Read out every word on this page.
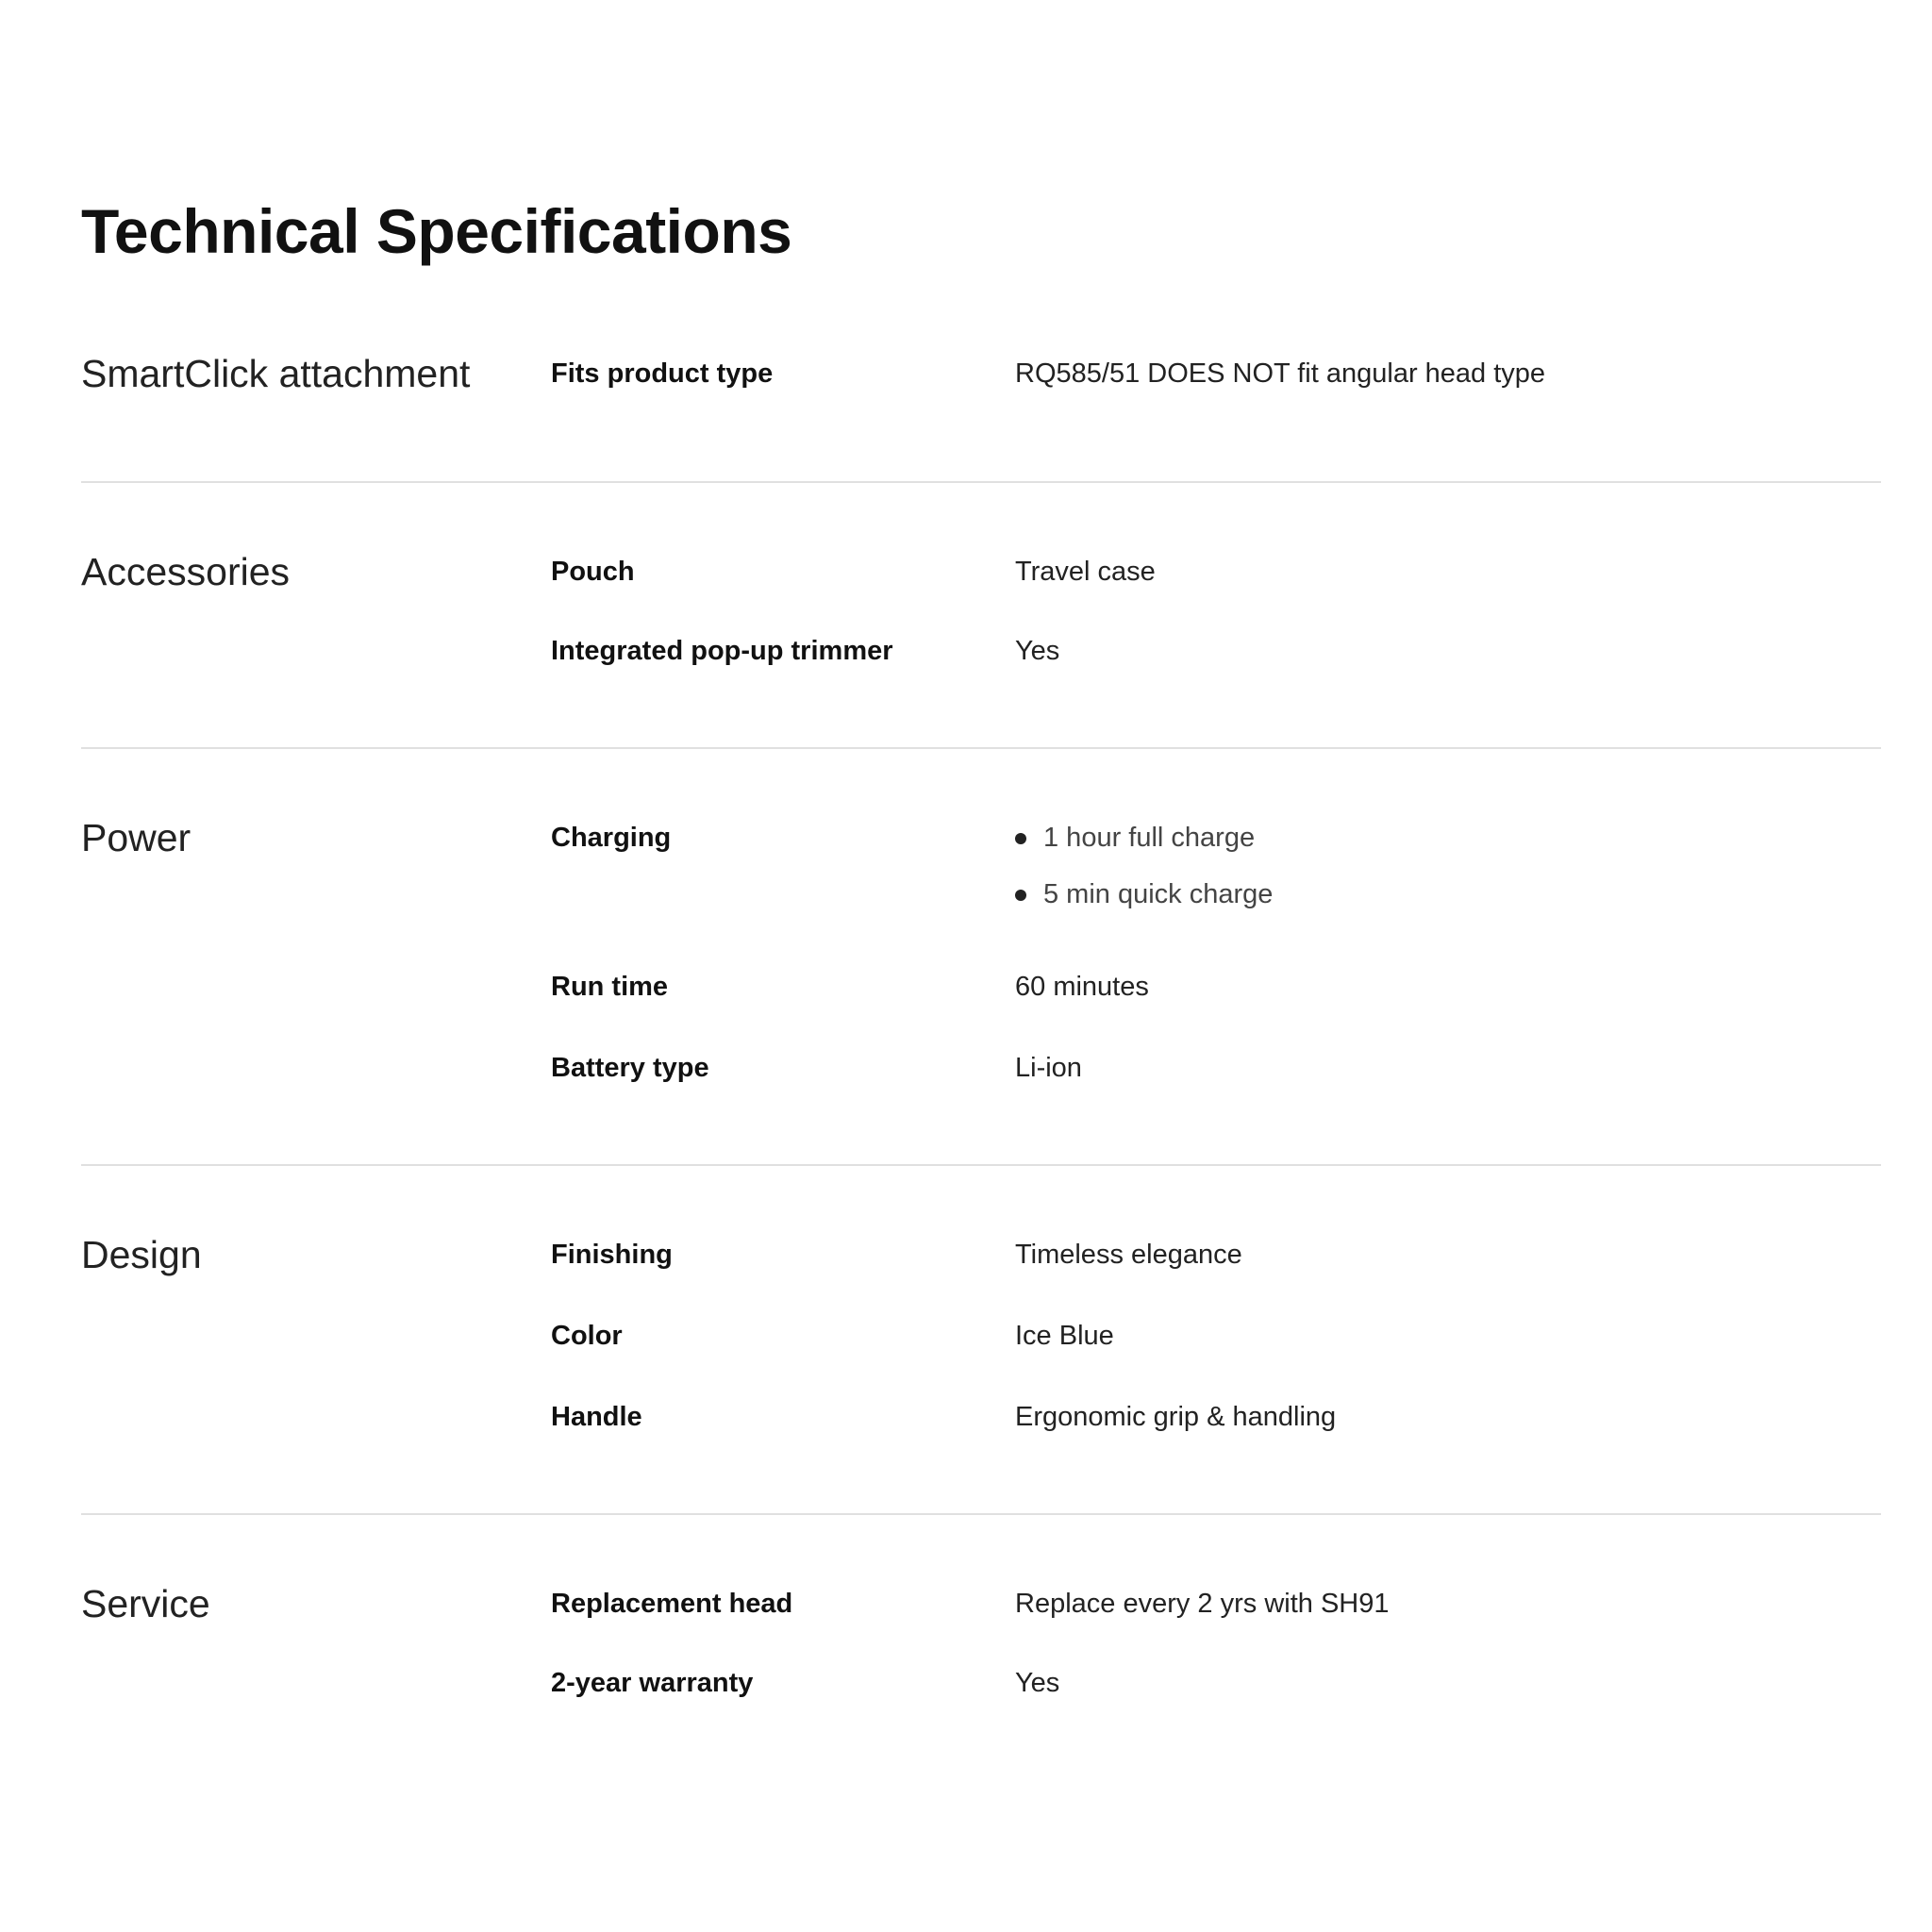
Technical Specifications
SmartClick attachment	Fits product type	RQ585/51 DOES NOT fit angular head type
Accessories	Pouch	Travel case
Integrated pop-up trimmer	Yes
Power	Charging	1 hour full charge
5 min quick charge
Run time	60 minutes
Battery type	Li-ion
Design	Finishing	Timeless elegance
Color	Ice Blue
Handle	Ergonomic grip & handling
Service	Replacement head	Replace every 2 yrs with SH91
2-year warranty	Yes
